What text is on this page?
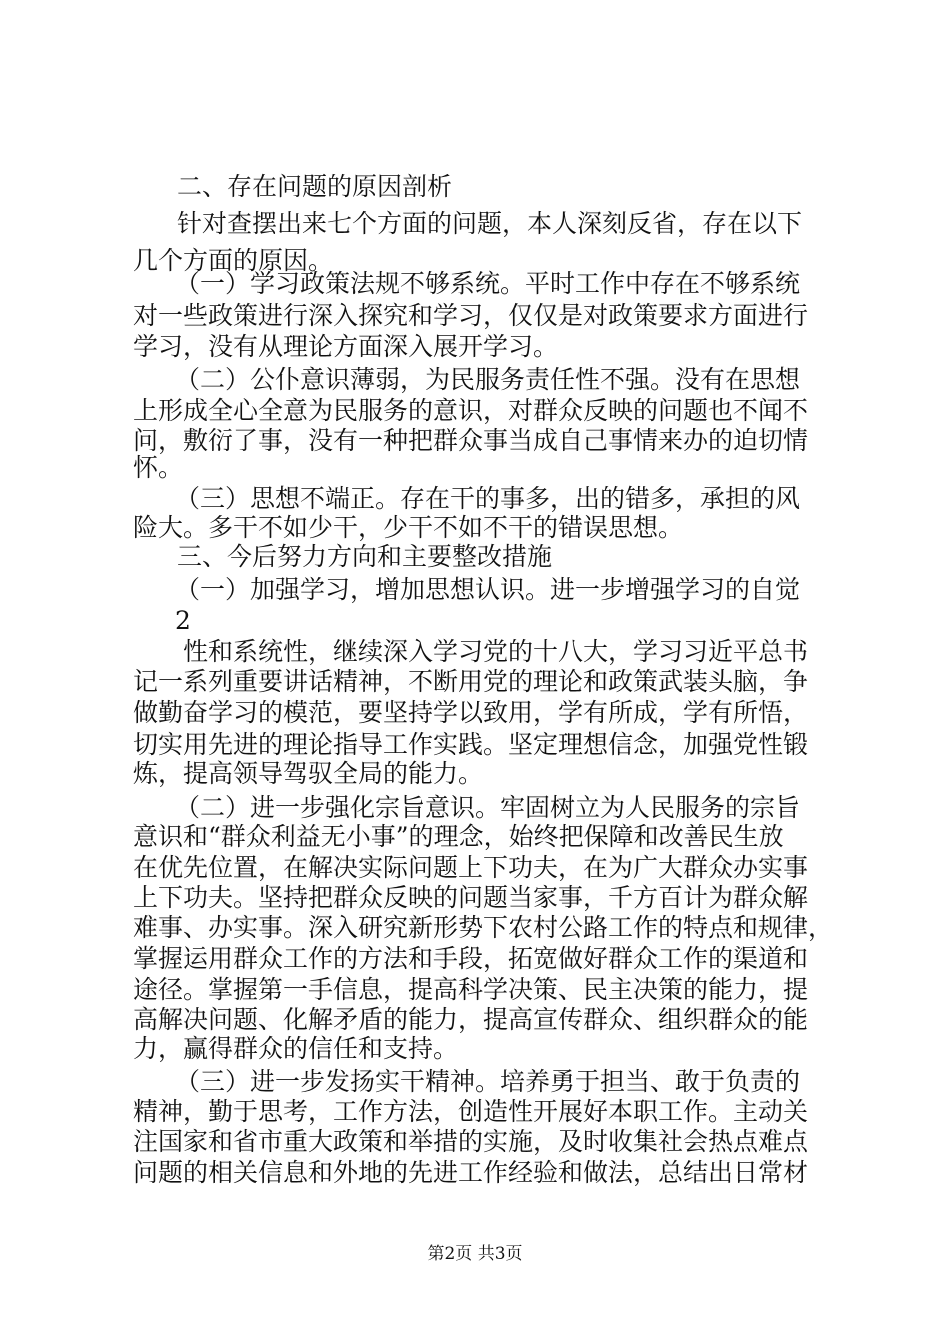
二、存在问题的原因剖析

针对查摆出来七个方面的问题，本人深刻反省，存在以下

几个方面的原因。

（一）学习政策法规不够系统。平时工作中存在不够系统

对一些政策进行深入探究和学习，仅仅是对政策要求方面进行

学习，没有从理论方面深入展开学习。

（二）公仆意识薄弱，为民服务责任性不强。没有在思想

上形成全心全意为民服务的意识，对群众反映的问题也不闻不

问，敷衍了事，没有一种把群众事当成自己事情来办的迫切情

怀。

（三）思想不端正。存在干的事多，出的错多，承担的风

险大。多干不如少干，少干不如不干的错误思想。

三、今后努力方向和主要整改措施

（一）加强学习，增加思想认识。进一步增强学习的自觉

2

性和系统性，继续深入学习党的十八大，学习习近平总书

记一系列重要讲话精神，不断用党的理论和政策武装头脑，争

做勤奋学习的模范，要坚持学以致用，学有所成，学有所悟，

切实用先进的理论指导工作实践。坚定理想信念，加强党性锻

炼，提高领导驾驭全局的能力。

（二）进一步强化宗旨意识。牢固树立为人民服务的宗旨

意识和“群众利益无小事”的理念，始终把保障和改善民生放

在优先位置，在解决实际问题上下功夫，在为广大群众办实事

上下功夫。坚持把群众反映的问题当家事，千方百计为群众解

难事、办实事。深入研究新形势下农村公路工作的特点和规律，

掌握运用群众工作的方法和手段，拓宽做好群众工作的渠道和

途径。掌握第一手信息，提高科学决策、民主决策的能力，提

高解决问题、化解矛盾的能力，提高宣传群众、组织群众的能

力，赢得群众的信任和支持。

（三）进一步发扬实干精神。培养勇于担当、敢于负责的

精神，勤于思考，工作方法，创造性开展好本职工作。主动关

注国家和省市重大政策和举措的实施，及时收集社会热点难点

问题的相关信息和外地的先进工作经验和做法，总结出日常材

第2页 共3页
